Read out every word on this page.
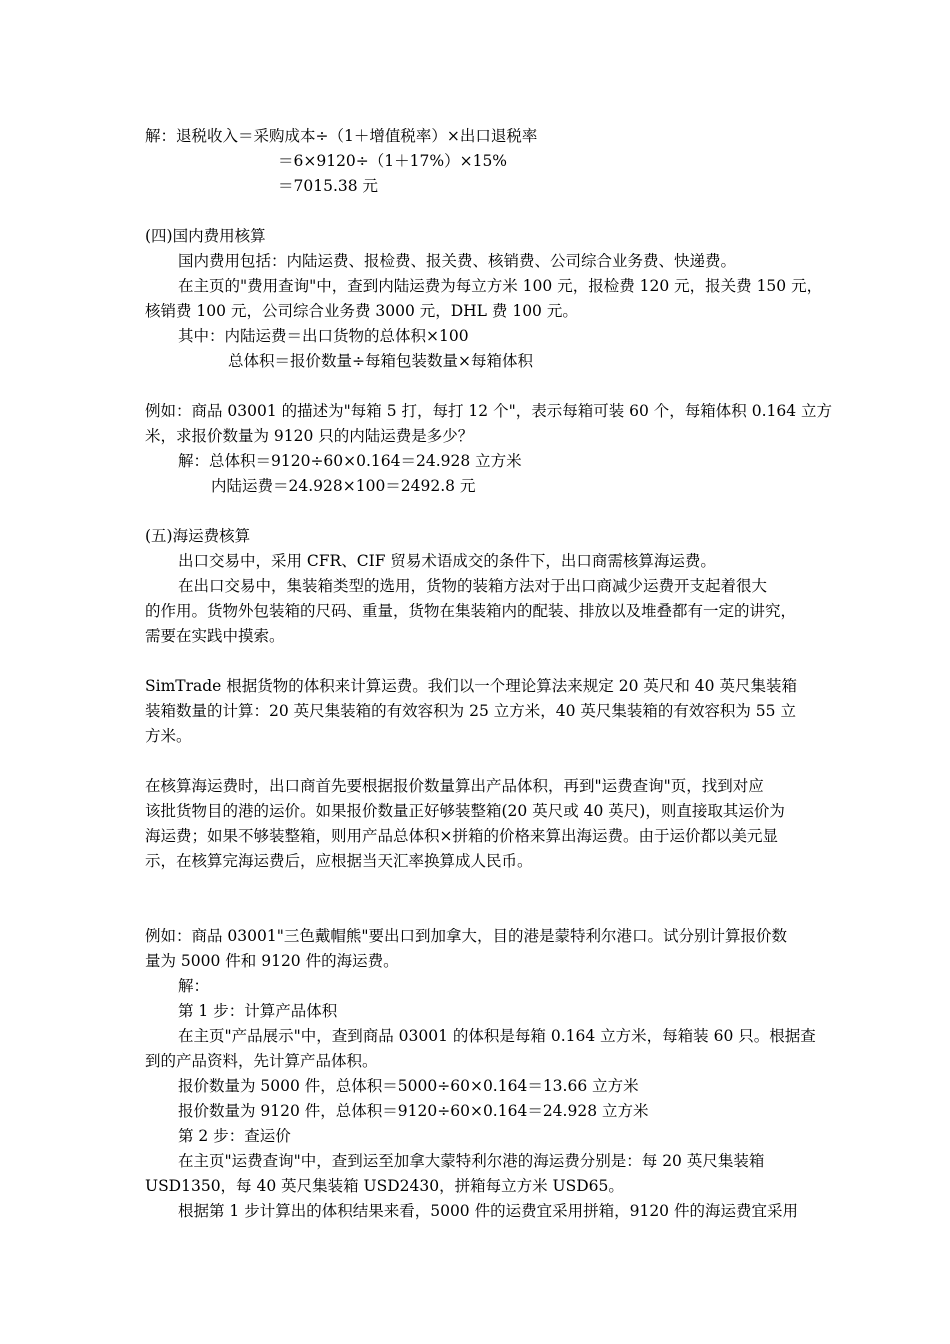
解：退税收入＝采购成本÷（1＋增值税率）×出口退税率
＝6×9120÷（1＋17%）×15%
＝7015.38 元
(四)国内费用核算
国内费用包括：内陆运费、报检费、报关费、核销费、公司综合业务费、快递费。
在主页的"费用查询"中，查到内陆运费为每立方米 100 元，报检费 120 元，报关费 150 元，
核销费 100 元，公司综合业务费 3000 元，DHL 费 100 元。
其中：内陆运费＝出口货物的总体积×100
总体积＝报价数量÷每箱包装数量×每箱体积
例如：商品 03001 的描述为"每箱 5 打，每打 12 个"，表示每箱可装 60 个，每箱体积 0.164 立方
米，求报价数量为 9120 只的内陆运费是多少？
解：总体积＝9120÷60×0.164＝24.928 立方米
内陆运费＝24.928×100＝2492.8 元
(五)海运费核算
出口交易中，采用 CFR、CIF 贸易术语成交的条件下，出口商需核算海运费。
在出口交易中，集装箱类型的选用，货物的装箱方法对于出口商减少运费开支起着很大
的作用。货物外包装箱的尺码、重量，货物在集装箱内的配装、排放以及堆叠都有一定的讲究，
需要在实践中摸索。
SimTrade 根据货物的体积来计算运费。我们以一个理论算法来规定 20 英尺和 40 英尺集装箱
装箱数量的计算：20 英尺集装箱的有效容积为 25 立方米，40 英尺集装箱的有效容积为 55 立
方米。
在核算海运费时，出口商首先要根据报价数量算出产品体积，再到"运费查询"页，找到对应
该批货物目的港的运价。如果报价数量正好够装整箱(20 英尺或 40 英尺)，则直接取其运价为
海运费；如果不够装整箱，则用产品总体积×拼箱的价格来算出海运费。由于运价都以美元显
示，在核算完海运费后，应根据当天汇率换算成人民币。
例如：商品 03001"三色戴帽熊"要出口到加拿大，目的港是蒙特利尔港口。试分别计算报价数
量为 5000 件和 9120 件的海运费。
解：
第 1 步：计算产品体积
在主页"产品展示"中，查到商品 03001 的体积是每箱 0.164 立方米，每箱装 60 只。根据查
到的产品资料，先计算产品体积。
报价数量为 5000 件，总体积＝5000÷60×0.164＝13.66 立方米
报价数量为 9120 件，总体积＝9120÷60×0.164＝24.928 立方米
第 2 步：查运价
在主页"运费查询"中，查到运至加拿大蒙特利尔港的海运费分别是：每 20 英尺集装箱
USD1350，每 40 英尺集装箱 USD2430，拼箱每立方米 USD65。
根据第 1 步计算出的体积结果来看，5000 件的运费宜采用拼箱，9120 件的海运费宜采用
